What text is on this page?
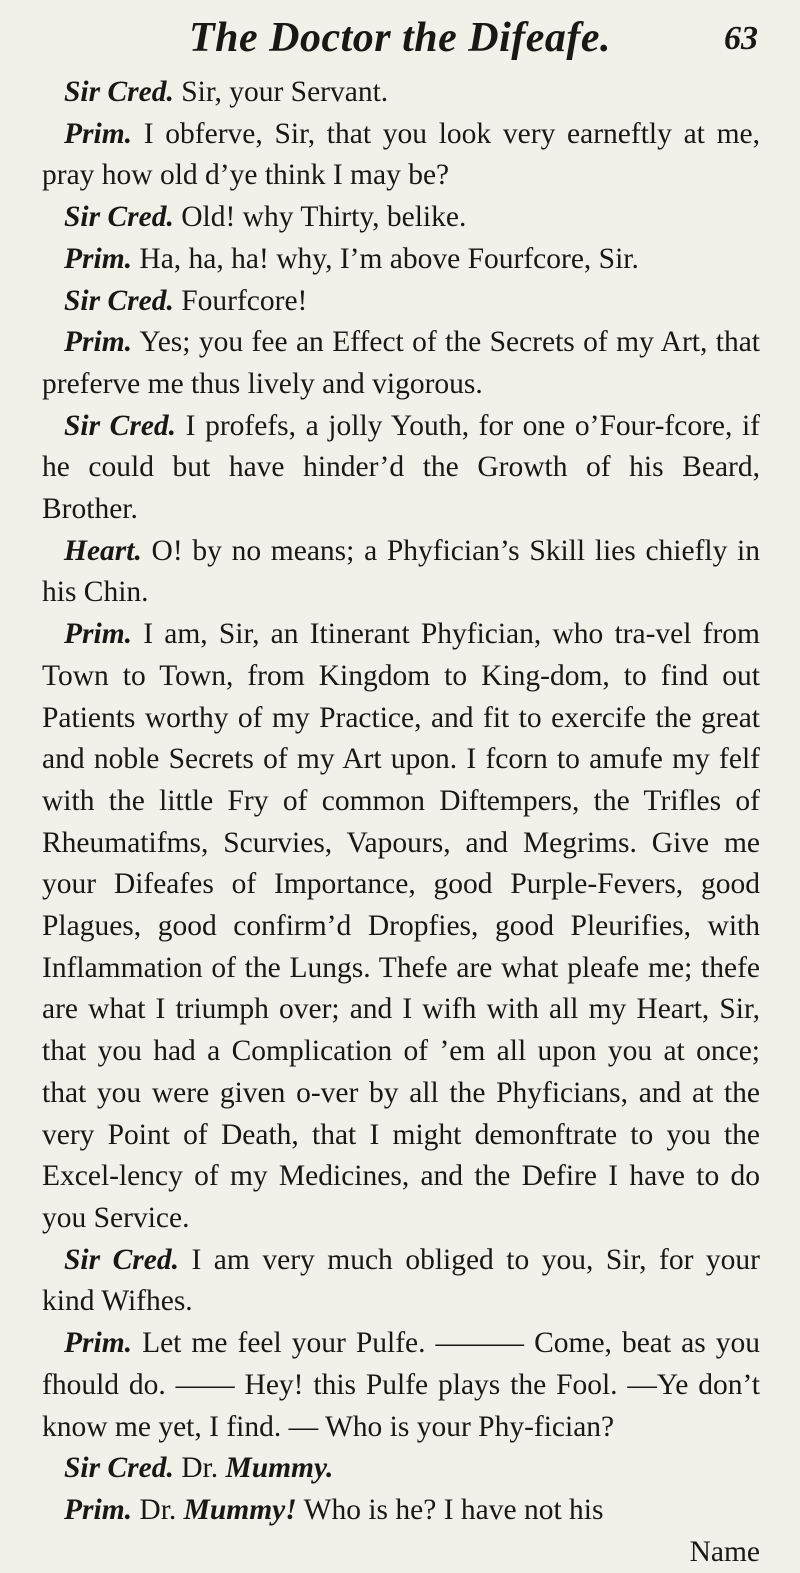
The Doctor the Difeafe.	63

Sir Cred. Sir, your Servant.

Prim. I obferve, Sir, that you look very earneftly at me, pray how old d’ye think I may be?

Sir Cred. Old! why Thirty, belike.

Prim. Ha, ha, ha! why, I’m above Fourfcore, Sir.

Sir Cred. Fourfcore!

Prim. Yes; you fee an Effect of the Secrets of my Art, that preferve me thus lively and vigorous.

Sir Cred. I profefs, a jolly Youth, for one o’Four-fcore, if he could but have hinder’d the Growth of his Beard, Brother.

Heart. O! by no means; a Phyfician’s Skill lies chiefly in his Chin.

Prim. I am, Sir, an Itinerant Phyfician, who tra-vel from Town to Town, from Kingdom to King-dom, to find out Patients worthy of my Practice, and fit to exercife the great and noble Secrets of my Art upon. I fcorn to amufe my felf with the little Fry of common Diftempers, the Trifles of Rheumatifms, Scurvies, Vapours, and Megrims. Give me your Difeafes of Importance, good Purple-Fevers, good Plagues, good confirm’d Dropfies, good Pleurifies, with Inflammation of the Lungs. Thefe are what pleafe me; thefe are what I triumph over; and I wifh with all my Heart, Sir, that you had a Complication of ’em all upon you at once; that you were given o-ver by all the Phyficians, and at the very Point of Death, that I might demonftrate to you the Excel-lency of my Medicines, and the Defire I have to do you Service.

Sir Cred. I am very much obliged to you, Sir, for your kind Wifhes.

Prim. Let me feel your Pulfe. ——— Come, beat as you fhould do. —— Hey! this Pulfe plays the Fool. —Ye don’t know me yet, I find. — Who is your Phy-fician?

Sir Cred. Dr. Mummy.

Prim. Dr. Mummy! Who is he? I have not his

Name
